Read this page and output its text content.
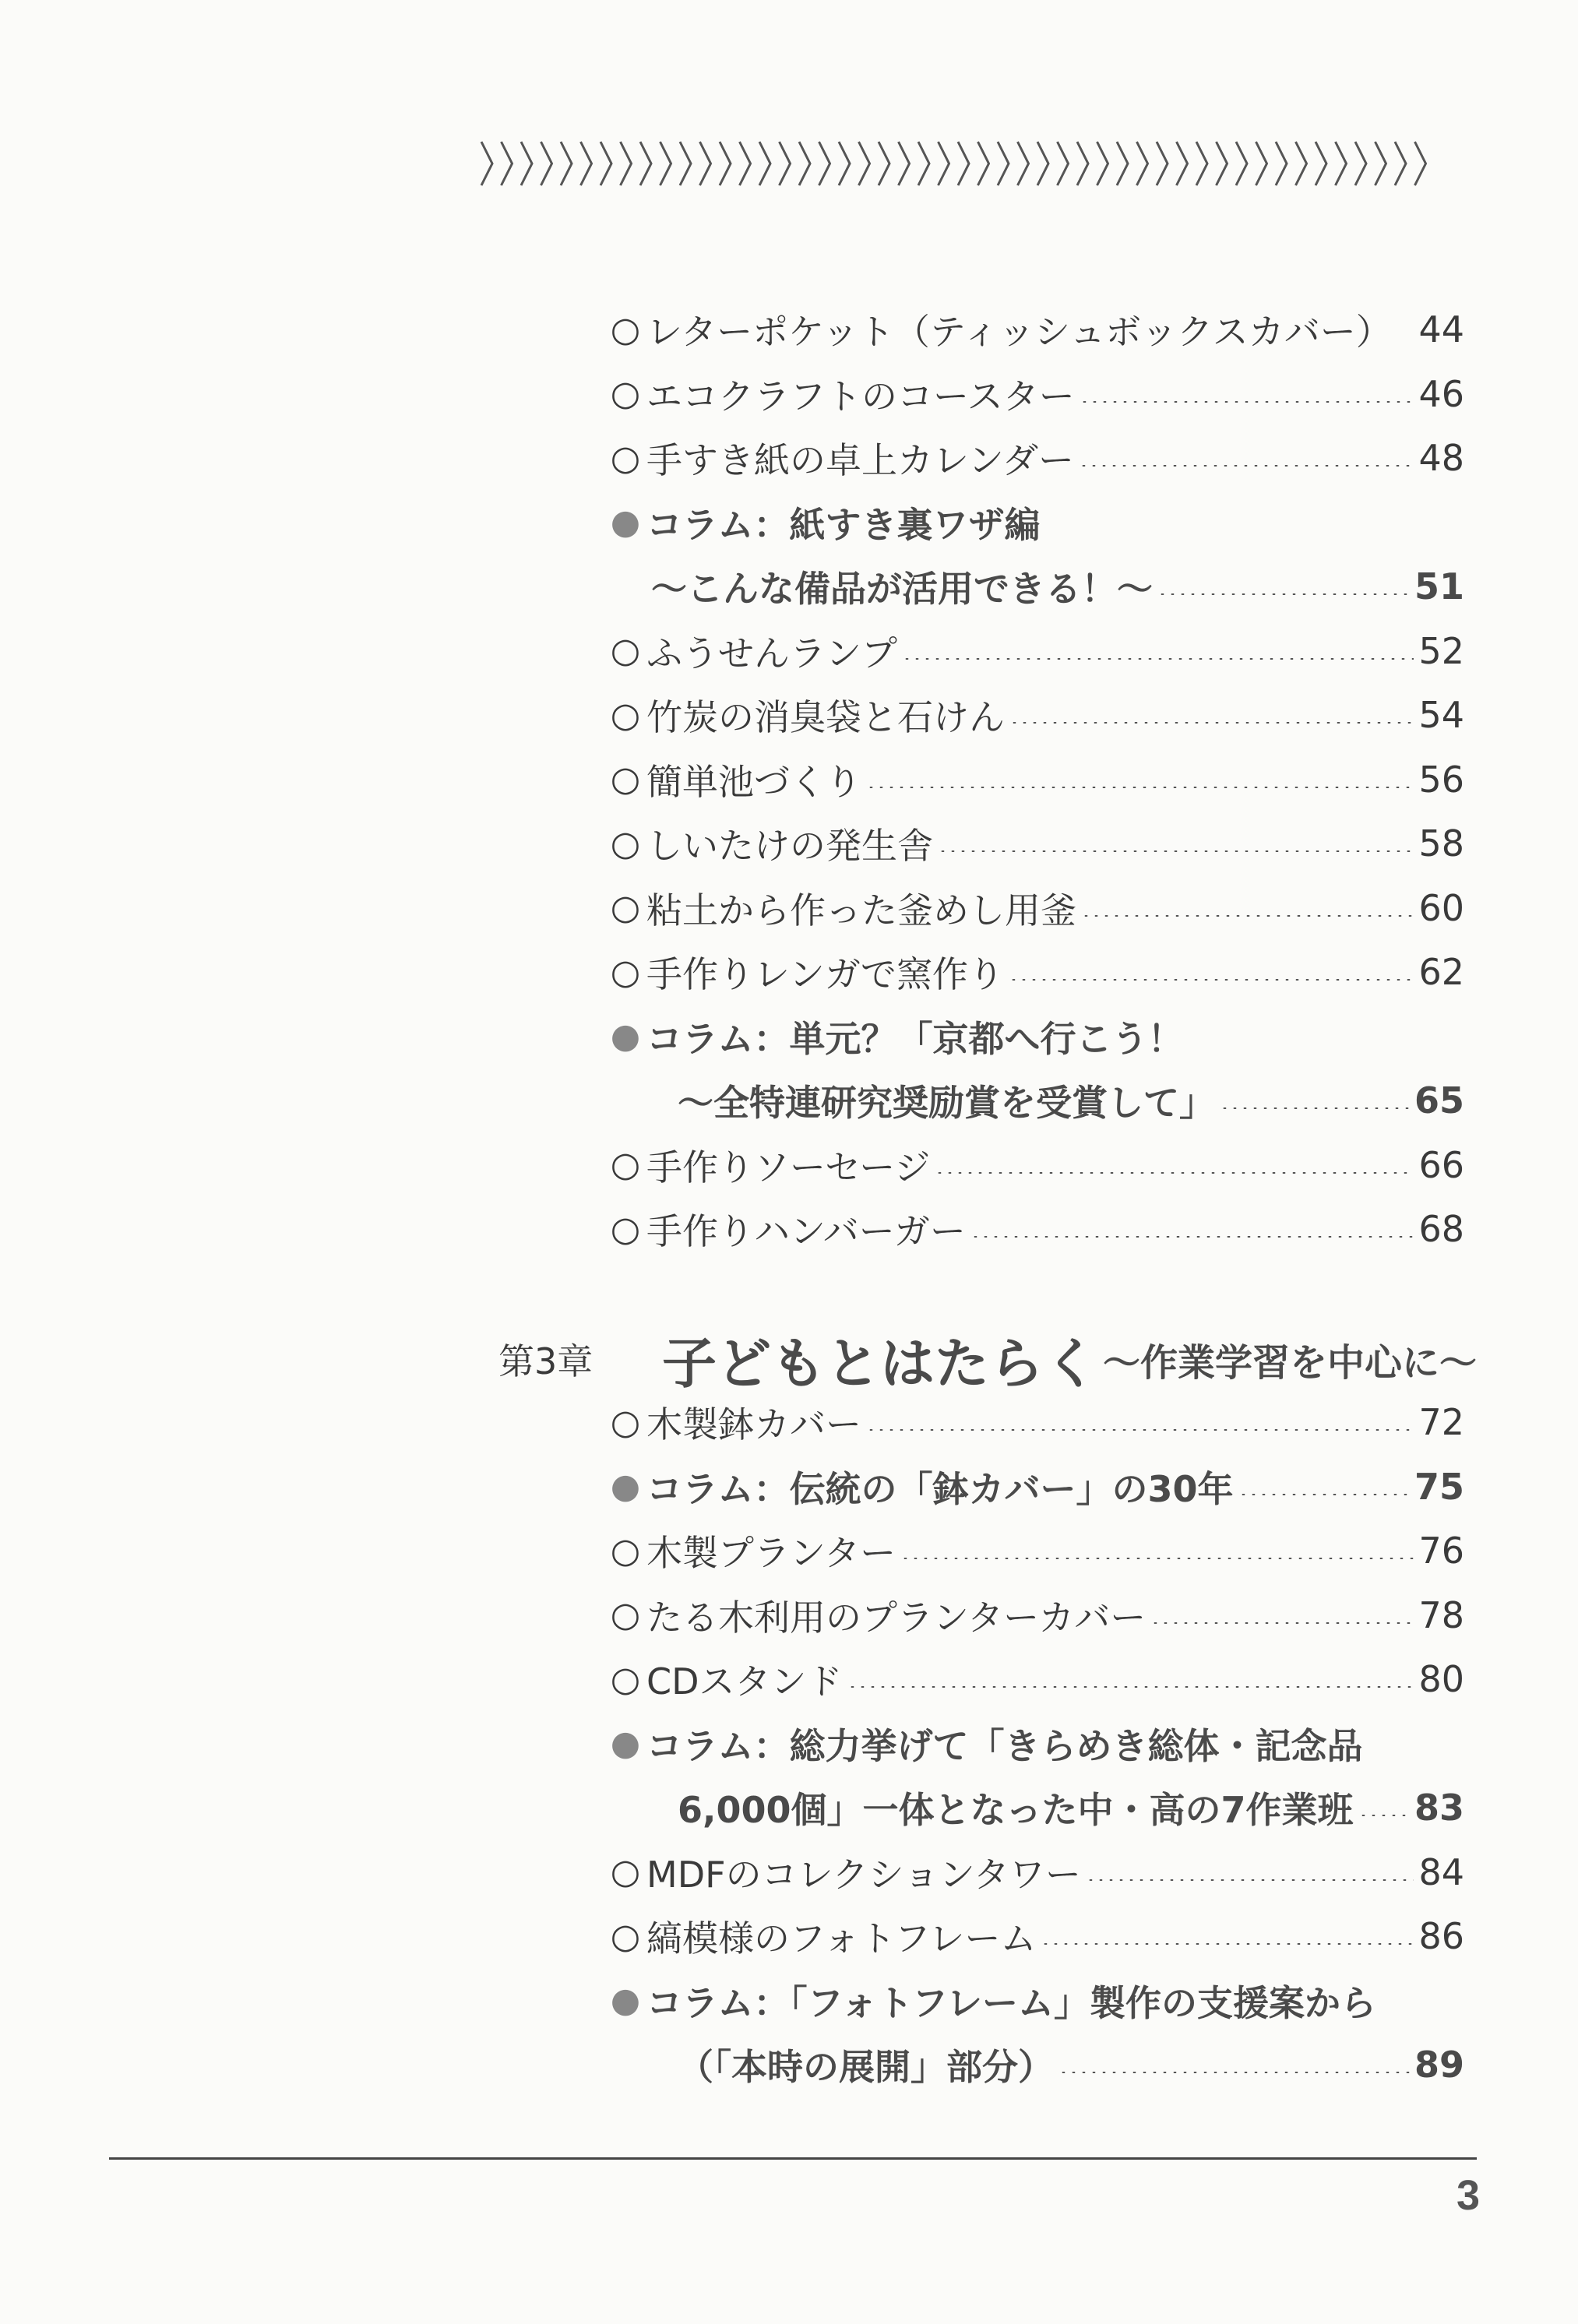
○ レターポケット（ティッシュボックスカバー） 44
○ エコクラフトのコースター	46
○ 手すき紙の卓上カレンダー	48
● コラム：紙すき裏ワザ編
～こんな備品が活用できる！～	51
○ ふうせんランプ	52
○ 竹炭の消臭袋と石けん	54
○ 簡単池づくり	56
○ しいたけの発生舎	58
○ 粘土から作った釜めし用釜	60
○ 手作りレンガで窯作り	62
● コラム：単元？「京都へ行こう！
～全特連研究奨励賞を受賞して」	65
○ 手作りソーセージ	66
○ 手作りハンバーガー	68
○ 木製鉢カバー	72
● コラム：伝統の「鉢カバー」の30年	75
○ 木製プランター	76
○ たる木利用のプランターカバー	78
○ CDスタンド	80
● コラム：総力挙げて「きらめき総体・記念品
6,000個」一体となった中・高の7作業班 83
○ MDFのコレクションタワー	84
○ 縞模様のフォトフレーム	86
● コラム：「フォトフレーム」製作の支援案から
（「本時の展開」部分）	89
第3章	子どもとはたらく ～作業学習を中心に～
3
